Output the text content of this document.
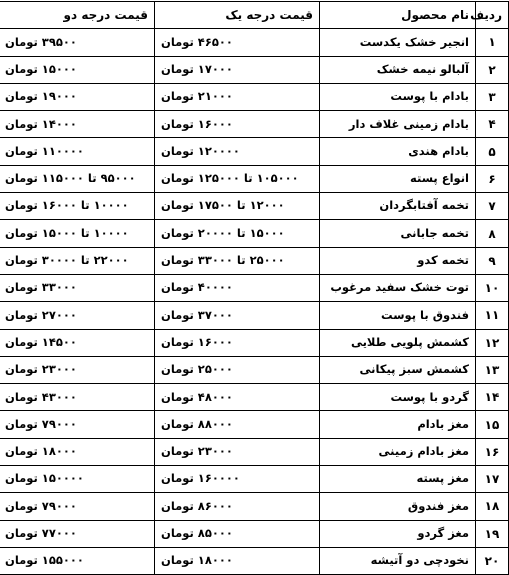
ردیف	نام محصول	قیمت درجه یک	قیمت درجه دو
۱	انجیر خشک یکدست	۴۶۵۰۰ تومان	۳۹۵۰۰ تومان
۲	آلبالو نیمه خشک	۱۷۰۰۰ تومان	۱۵۰۰۰ تومان
۳	بادام با پوست	۲۱۰۰۰ تومان	۱۹۰۰۰ تومان
۴	بادام زمینی غلاف دار	۱۶۰۰۰ تومان	۱۴۰۰۰ تومان
۵	بادام هندی	۱۲۰۰۰۰ تومان	۱۱۰۰۰۰ تومان
۶	انواع پسته	۱۰۵۰۰۰ تا ۱۲۵۰۰۰ تومان	۹۵۰۰۰ تا ۱۱۵۰۰۰ تومان
۷	تخمه آفتابگردان	۱۲۰۰۰ تا ۱۷۵۰۰ تومان	۱۰۰۰۰ تا ۱۶۰۰۰ تومان
۸	تخمه جابانی	۱۵۰۰۰ تا ۲۰۰۰۰ تومان	۱۰۰۰۰ تا ۱۵۰۰۰ تومان
۹	تخمه کدو	۲۵۰۰۰ تا ۳۳۰۰۰ تومان	۲۲۰۰۰ تا ۳۰۰۰۰ تومان
۱۰	توت خشک سفید مرغوب	۴۰۰۰۰ تومان	۳۳۰۰۰ تومان
۱۱	فندوق با پوست	۳۷۰۰۰ تومان	۲۷۰۰۰ تومان
۱۲	کشمش پلویی طلایی	۱۶۰۰۰ تومان	۱۴۵۰۰ تومان
۱۳	کشمش سبز پیکانی	۲۵۰۰۰ تومان	۲۳۰۰۰ تومان
۱۴	گردو با پوست	۴۸۰۰۰ تومان	۴۳۰۰۰ تومان
۱۵	مغز بادام	۸۸۰۰۰ تومان	۷۹۰۰۰ تومان
۱۶	مغز بادام زمینی	۲۳۰۰۰ تومان	۱۸۰۰۰ تومان
۱۷	مغز پسته	۱۶۰۰۰۰ تومان	۱۵۰۰۰۰ تومان
۱۸	مغز فندوق	۸۶۰۰۰ تومان	۷۹۰۰۰ تومان
۱۹	مغز گردو	۸۵۰۰۰ تومان	۷۷۰۰۰ تومان
۲۰	نخودچی دو آتیشه	۱۸۰۰۰ تومان	۱۵۵۰۰۰ تومان
